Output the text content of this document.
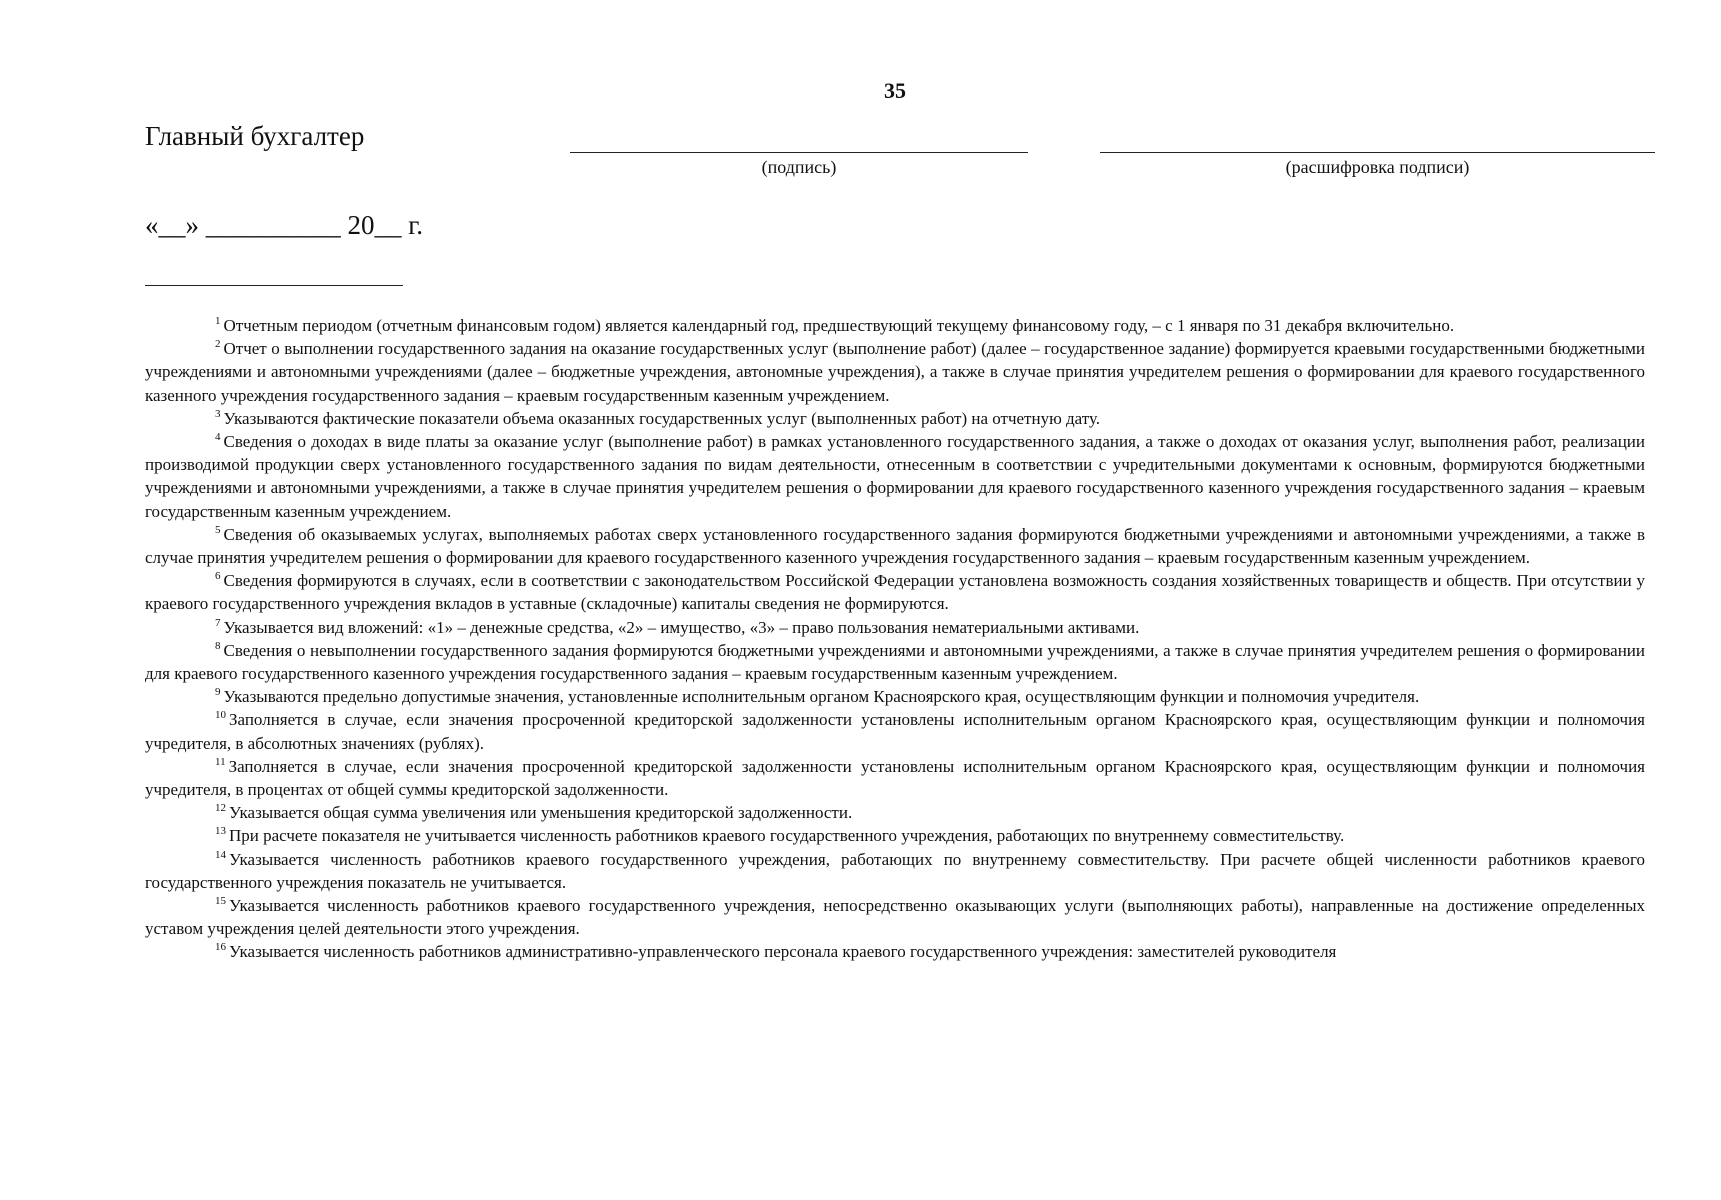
35
Главный бухгалтер
(подпись)	(расшифровка подписи)
«__» __________ 20__ г.

$^1$ Отчетным периодом (отчетным финансовым годом) является календарный год, предшествующий текущему финансовому году, – с 1 января по 31 декабря включительно.

$^2$ Отчет о выполнении государственного задания на оказание государственных услуг (выполнение работ) (далее – государственное задание) формируется краевыми государственными бюджетными учреждениями и автономными учреждениями (далее – бюджетные учреждения, автономные учреждения), а также в случае принятия учредителем решения о формировании для краевого государственного казенного учреждения государственного задания – краевым государственным казенным учреждением.

$^3$ Указываются фактические показатели объема оказанных государственных услуг (выполненных работ) на отчетную дату.

$^4$ Сведения о доходах в виде платы за оказание услуг (выполнение работ) в рамках установленного государственного задания, а также о доходах от оказания услуг, выполнения работ, реализации производимой продукции сверх установленного государственного задания по видам деятельности, отнесенным в соответствии с учредительными документами к основным, формируются бюджетными учреждениями и автономными учреждениями, а также в случае принятия учредителем решения о формировании для краевого государственного казенного учреждения государственного задания – краевым государственным казенным учреждением.

$^5$ Сведения об оказываемых услугах, выполняемых работах сверх установленного государственного задания формируются бюджетными учреждениями и автономными учреждениями, а также в случае принятия учредителем решения о формировании для краевого государственного казенного учреждения государственного задания – краевым государственным казенным учреждением.

$^6$ Сведения формируются в случаях, если в соответствии с законодательством Российской Федерации установлена возможность создания хозяйственных товариществ и обществ. При отсутствии у краевого государственного учреждения вкладов в уставные (складочные) капиталы сведения не формируются.

$^7$ Указывается вид вложений: «1» – денежные средства, «2» – имущество, «3» – право пользования нематериальными активами.

$^8$ Сведения о невыполнении государственного задания формируются бюджетными учреждениями и автономными учреждениями, а также в случае принятия учредителем решения о формировании для краевого государственного казенного учреждения государственного задания – краевым государственным казенным учреждением.

$^9$ Указываются предельно допустимые значения, установленные исполнительным органом Красноярского края, осуществляющим функции и полномочия учредителя.

$^{10}$ Заполняется в случае, если значения просроченной кредиторской задолженности установлены исполнительным органом Красноярского края, осуществляющим функции и полномочия учредителя, в абсолютных значениях (рублях).

$^{11}$ Заполняется в случае, если значения просроченной кредиторской задолженности установлены исполнительным органом Красноярского края, осуществляющим функции и полномочия учредителя, в процентах от общей суммы кредиторской задолженности.

$^{12}$ Указывается общая сумма увеличения или уменьшения кредиторской задолженности.

$^{13}$ При расчете показателя не учитывается численность работников краевого государственного учреждения, работающих по внутреннему совместительству.

$^{14}$ Указывается численность работников краевого государственного учреждения, работающих по внутреннему совместительству. При расчете общей численности работников краевого государственного учреждения показатель не учитывается.

$^{15}$ Указывается численность работников краевого государственного учреждения, непосредственно оказывающих услуги (выполняющих работы), направленные на достижение определенных уставом учреждения целей деятельности этого учреждения.

$^{16}$ Указывается численность работников административно-управленческого персонала краевого государственного учреждения: заместителей руководителя
